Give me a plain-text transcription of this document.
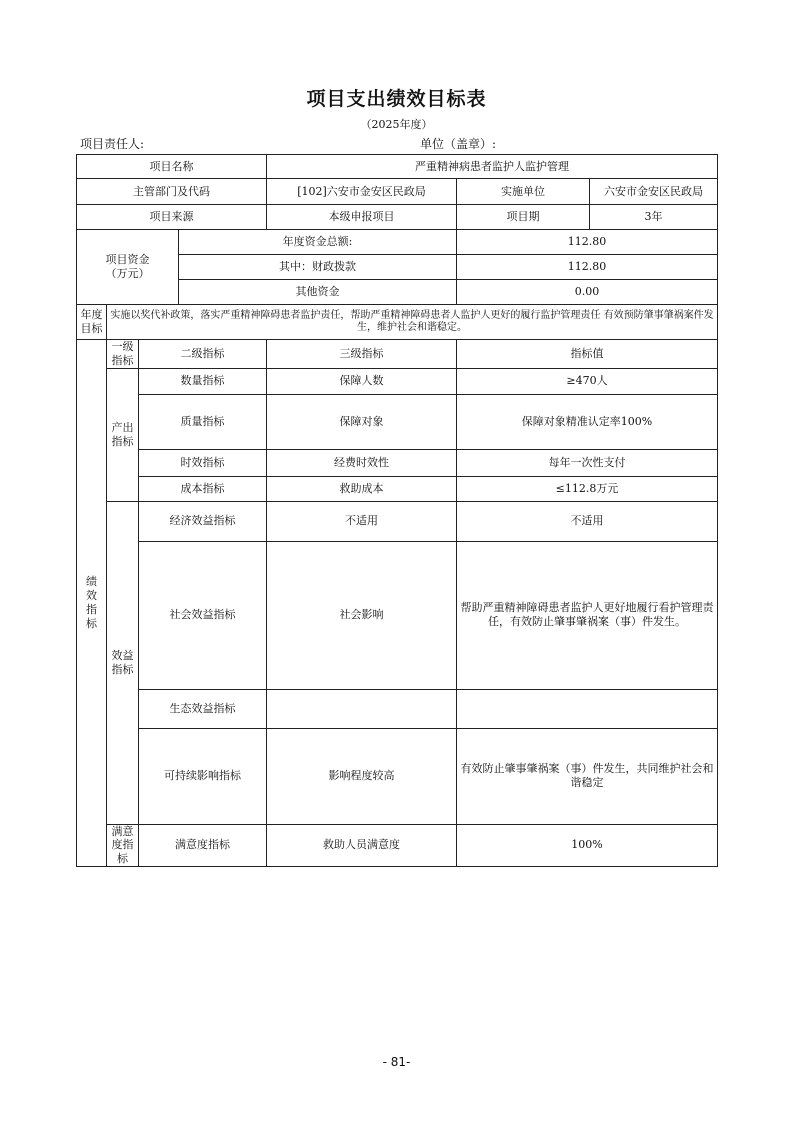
项目支出绩效目标表
（2025年度）
项目责任人:	单位（盖章）:
项目名称				严重精神病患者监护人监护管理		
主管部门及代码				[102]六安市金安区民政局	实施单位	六安市金安区民政局
项目来源				本级申报项目	项目期	3年

项目资金
（万元）			年度资金总额:		112.80	
			其中：财政拨款		112.80	
			其他资金		0.00	

年度
目标	实施以奖代补政策，落实严重精神障碍患者监护责任，帮助严重精神障碍患者人监护人更好的履行监护管理责任 有效预防肇事肇祸案件发生，维护社会和谐稳定。					

绩
效
指
标	一级指标	二级指标		三级指标	指标值	
	产出指标	数量指标		保障人数	≥470人	
		质量指标		保障对象	保障对象精准认定率100%	
		时效指标		经费时效性	每年一次性支付	
		成本指标		救助成本	≤112.8万元	
	效益指标	经济效益指标		不适用	不适用	
		社会效益指标		社会影响	帮助严重精神障碍患者监护人更好地履行看护管理责任，有效防止肇事肇祸案（事）件发生。	
		生态效益指标				
		可持续影响指标		影响程度较高	有效防止肇事肇祸案（事）件发生，共同维护社会和谐稳定	
	满意度指标	满意度指标		救助人员满意度	100%	
- 81-
